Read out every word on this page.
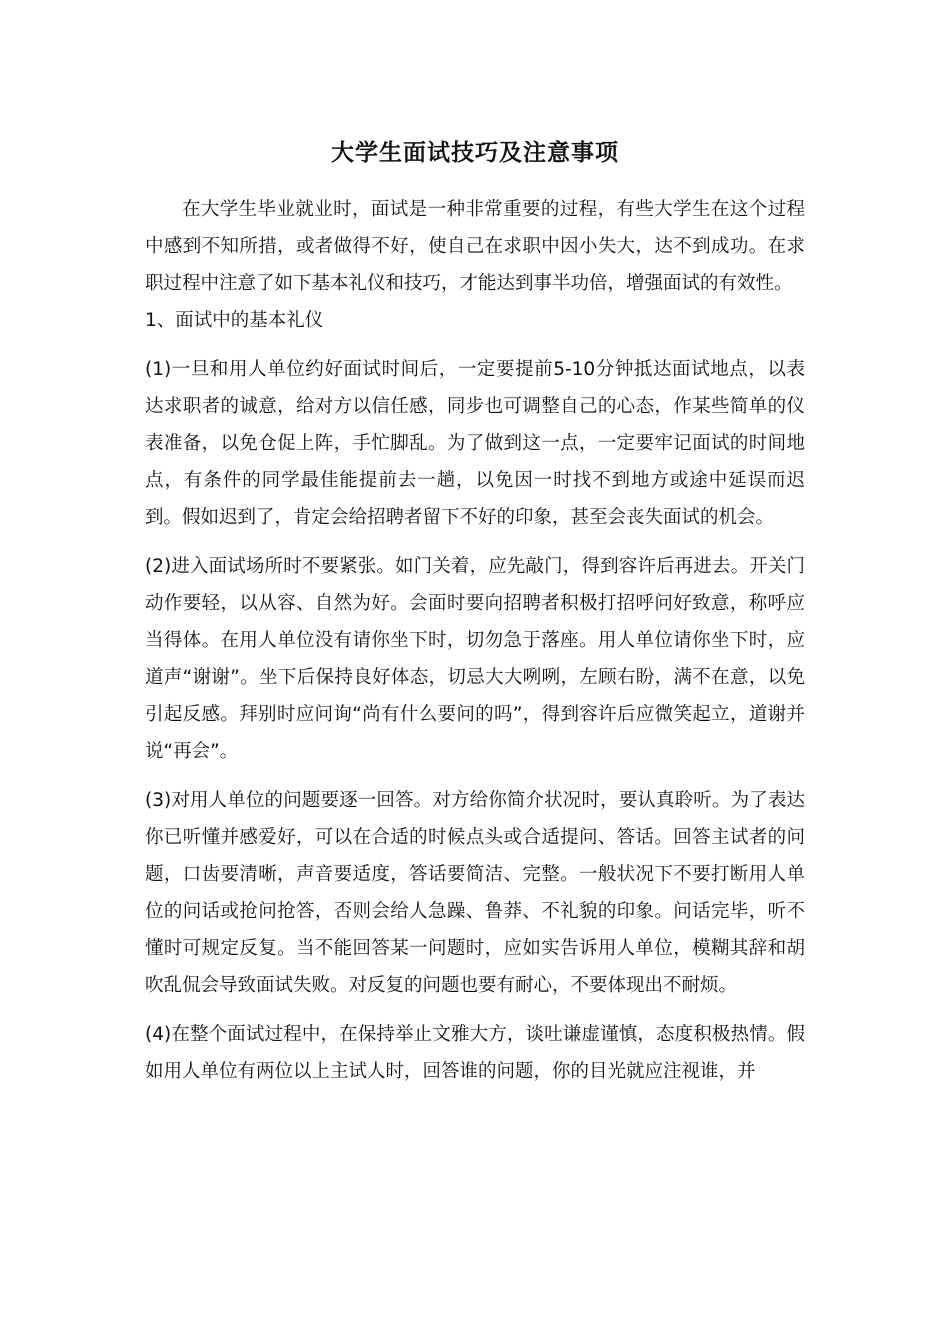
大学生面试技巧及注意事项

在大学生毕业就业时，面试是一种非常重要的过程，有些大学生在这个过程中感到不知所措，或者做得不好，使自己在求职中因小失大，达不到成功。在求职过程中注意了如下基本礼仪和技巧，才能达到事半功倍，增强面试的有效性。

1、面试中的基本礼仪

(1)一旦和用人单位约好面试时间后，一定要提前5-10分钟抵达面试地点，以表达求职者的诚意，给对方以信任感，同步也可调整自己的心态，作某些简单的仪表准备，以免仓促上阵，手忙脚乱。为了做到这一点，一定要牢记面试的时间地点，有条件的同学最佳能提前去一趟，以免因一时找不到地方或途中延误而迟到。假如迟到了，肯定会给招聘者留下不好的印象，甚至会丧失面试的机会。

(2)进入面试场所时不要紧张。如门关着，应先敲门，得到容许后再进去。开关门动作要轻，以从容、自然为好。会面时要向招聘者积极打招呼问好致意，称呼应当得体。在用人单位没有请你坐下时，切勿急于落座。用人单位请你坐下时，应道声“谢谢”。坐下后保持良好体态，切忌大大咧咧，左顾右盼，满不在意，以免引起反感。拜别时应问询“尚有什么要问的吗”，得到容许后应微笑起立，道谢并说“再会”。

(3)对用人单位的问题要逐一回答。对方给你简介状况时，要认真聆听。为了表达你已听懂并感爱好，可以在合适的时候点头或合适提问、答话。回答主试者的问题，口齿要清晰，声音要适度，答话要简洁、完整。一般状况下不要打断用人单位的问话或抢问抢答，否则会给人急躁、鲁莽、不礼貌的印象。问话完毕，听不懂时可规定反复。当不能回答某一问题时，应如实告诉用人单位，模糊其辞和胡吹乱侃会导致面试失败。对反复的问题也要有耐心，不要体现出不耐烦。

(4)在整个面试过程中，在保持举止文雅大方，谈吐谦虚谨慎，态度积极热情。假如用人单位有两位以上主试人时，回答谁的问题，你的目光就应注视谁，并
